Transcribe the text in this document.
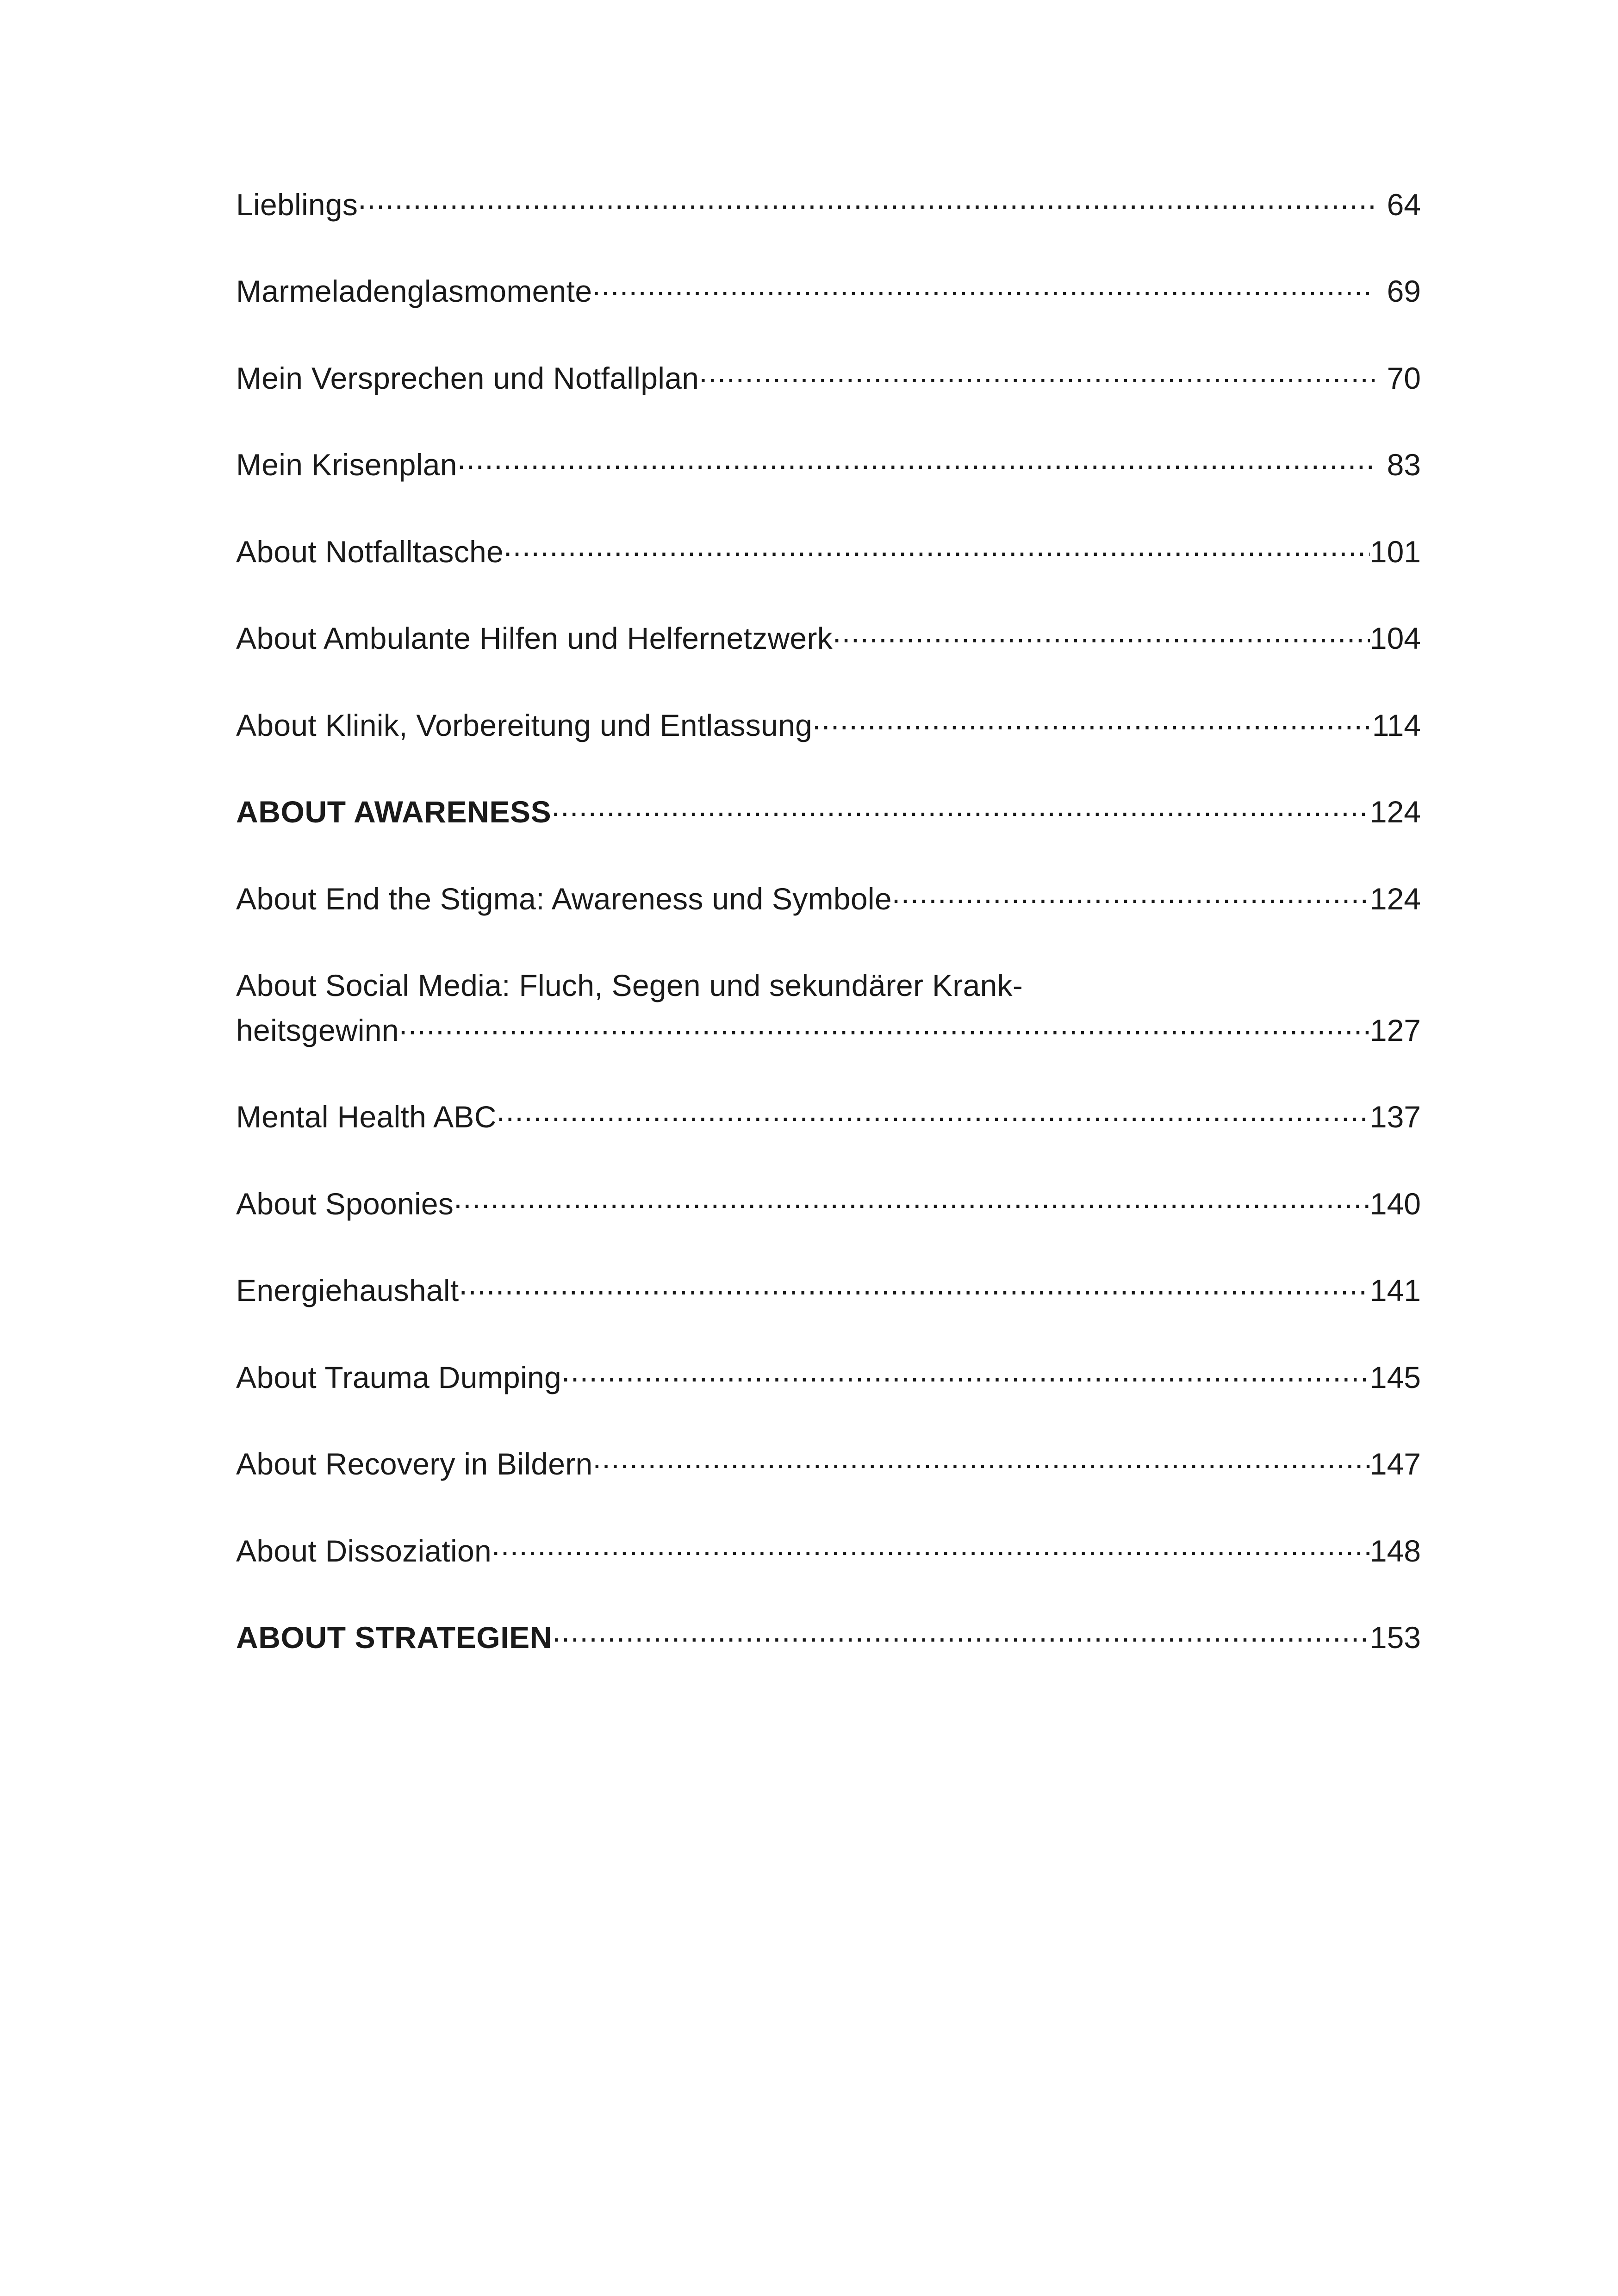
Lieblings .....	64
Marmeladenglasmomente .....	69
Mein Versprechen und Notfallplan .....	70
Mein Krisenplan .....	83
About Notfalltasche .....	101
About Ambulante Hilfen und Helfernetzwerk .....	104
About Klinik, Vorbereitung und Entlassung .....	114
ABOUT AWARENESS .....	124
About End the Stigma: Awareness und Symbole .....	124
About Social Media: Fluch, Segen und sekundärer Krank-
heitsgewinn .....	127
Mental Health ABC .....	137
About Spoonies .....	140
Energiehaushalt .....	141
About Trauma Dumping .....	145
About Recovery in Bildern .....	147
About Dissoziation .....	148
ABOUT STRATEGIEN .....	153
